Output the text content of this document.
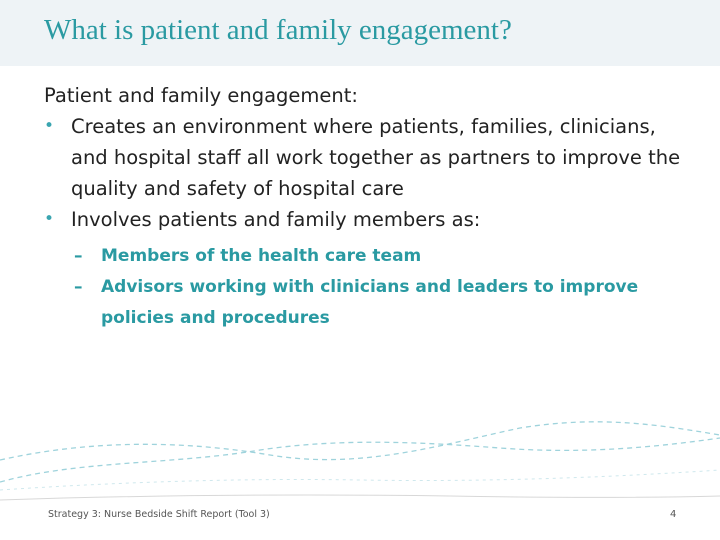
What is patient and family engagement?

Patient and family engagement:

• Creates an environment where patients, families, clinicians, and hospital staff all work together as partners to improve the quality and safety of hospital care
• Involves patients and family members as:
– Members of the health care team
– Advisors working with clinicians and leaders to improve policies and procedures
Strategy 3: Nurse Bedside Shift Report (Tool 3)	4
